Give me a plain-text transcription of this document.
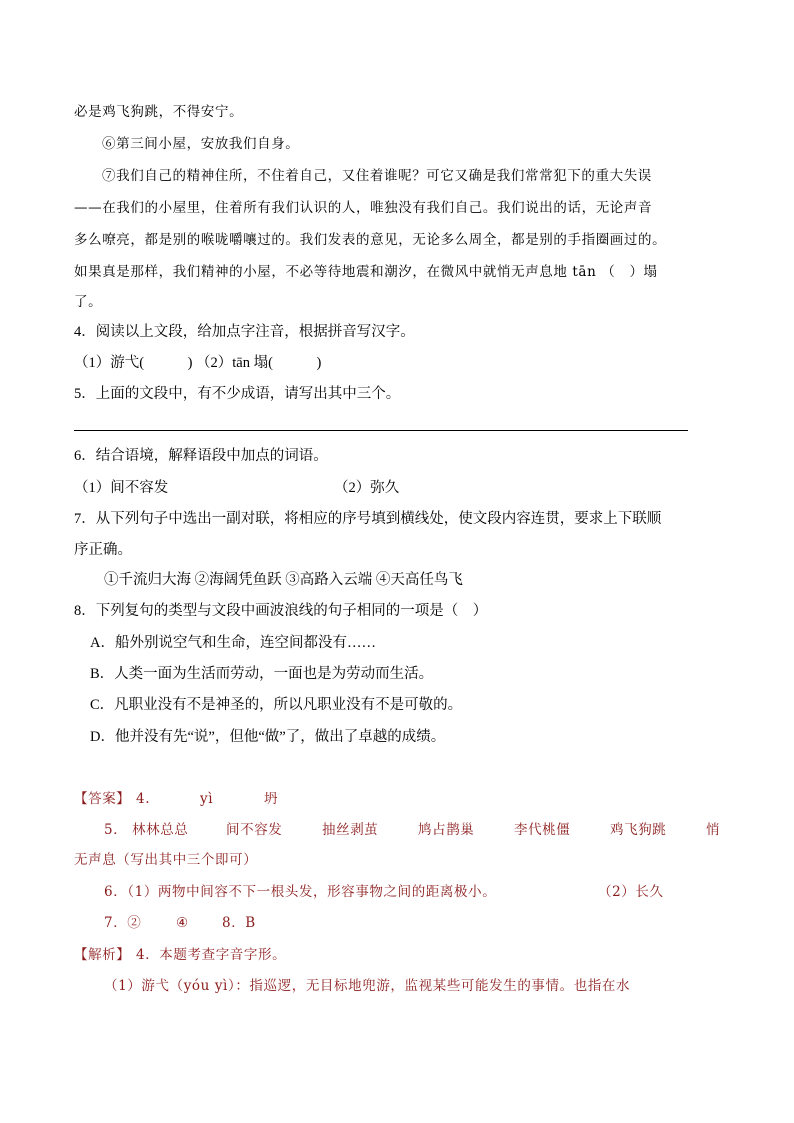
必是鸡飞狗跳，不得安宁。
⑥第三间小屋，安放我们自身。
⑦我们自己的精神住所，不住着自己，又住着谁呢？可它又确是我们常常犯下的重大失误
——在我们的小屋里，住着所有我们认识的人，唯独没有我们自己。我们说出的话，无论声音
多么嘹亮，都是别的喉咙嚼嚷过的。我们发表的意见，无论多么周全，都是别的手指圈画过的。
如果真是那样，我们精神的小屋，不必等待地震和潮汐，在微风中就悄无声息地 tān （　）塌
了。
4．阅读以上文段，给加点字注音，根据拼音写汉字。
（1）游弋(　　　) （2）tān 塌(　　　)
5．上面的文段中，有不少成语，请写出其中三个。
6．结合语境，解释语段中加点的词语。
（1）间不容发	（2）弥久
7．从下列句子中选出一副对联，将相应的序号填到横线处，使文段内容连贯，要求上下联顺
序正确。
①千流归大海 ②海阔凭鱼跃 ③高路入云端 ④天高任鸟飞
8．下列复句的类型与文段中画波浪线的句子相同的一项是（　）
A．船外别说空气和生命，连空间都没有……
B．人类一面为生活而劳动，一面也是为劳动而生活。
C．凡职业没有不是神圣的，所以凡职业没有不是可敬的。
D．他并没有先“说”，但他“做”了，做出了卓越的成绩。
【答案】 4.	yì	坍
5． 林林总总	间不容发	抽丝剥茧	鸠占鹊巢	李代桃僵	鸡飞狗跳	悄
无声息（写出其中三个即可）
6．（1）两物中间容不下一根头发，形容事物之间的距离极小。	（2）长久
7．②	④ 8．B
【解析】 4．本题考查字音字形。
（1）游弋（yóu yì）：指巡逻，无目标地兜游，监视某些可能发生的事情。也指在水
